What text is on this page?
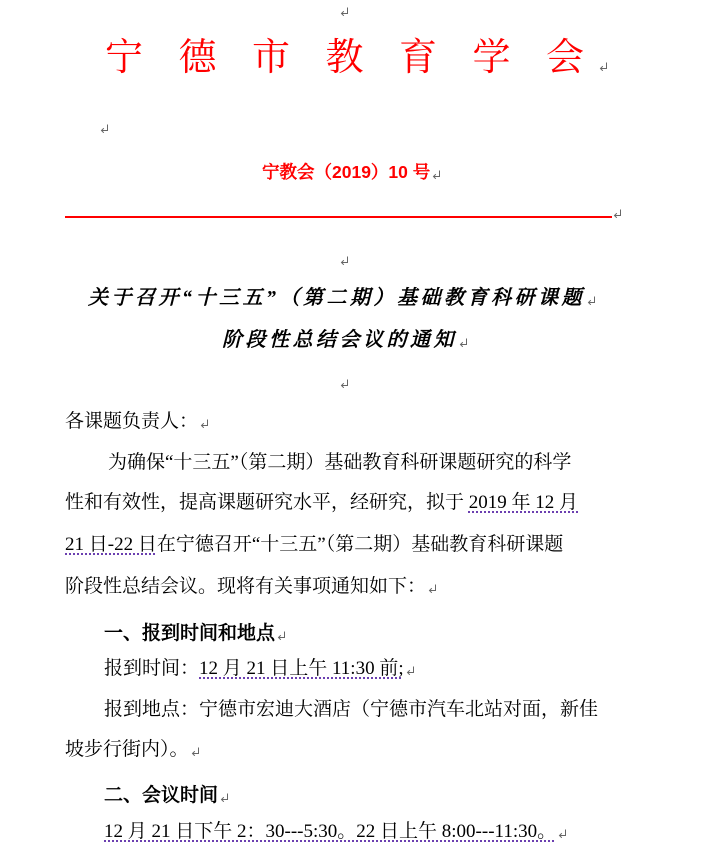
宁 德 市 教 育 学 会
宁教会（2019）10 号
关于召开“十三五”（第二期）基础教育科研课题
阶段性总结会议的通知
各课题负责人：
为确保“十三五”（第二期）基础教育科研课题研究的科学
性和有效性，提高课题研究水平，经研究，拟于 2019 年 12 月
21 日-22 日在宁德召开“十三五”（第二期）基础教育科研课题
阶段性总结会议。现将有关事项通知如下：
一、报到时间和地点
报到时间：12 月 21 日上午 11:30 前;
报到地点：宁德市宏迪大酒店（宁德市汽车北站对面，新佳
坡步行街内）。
二、会议时间
12 月 21 日下午 2：30---5:30。22 日上午 8:00---11:30。
